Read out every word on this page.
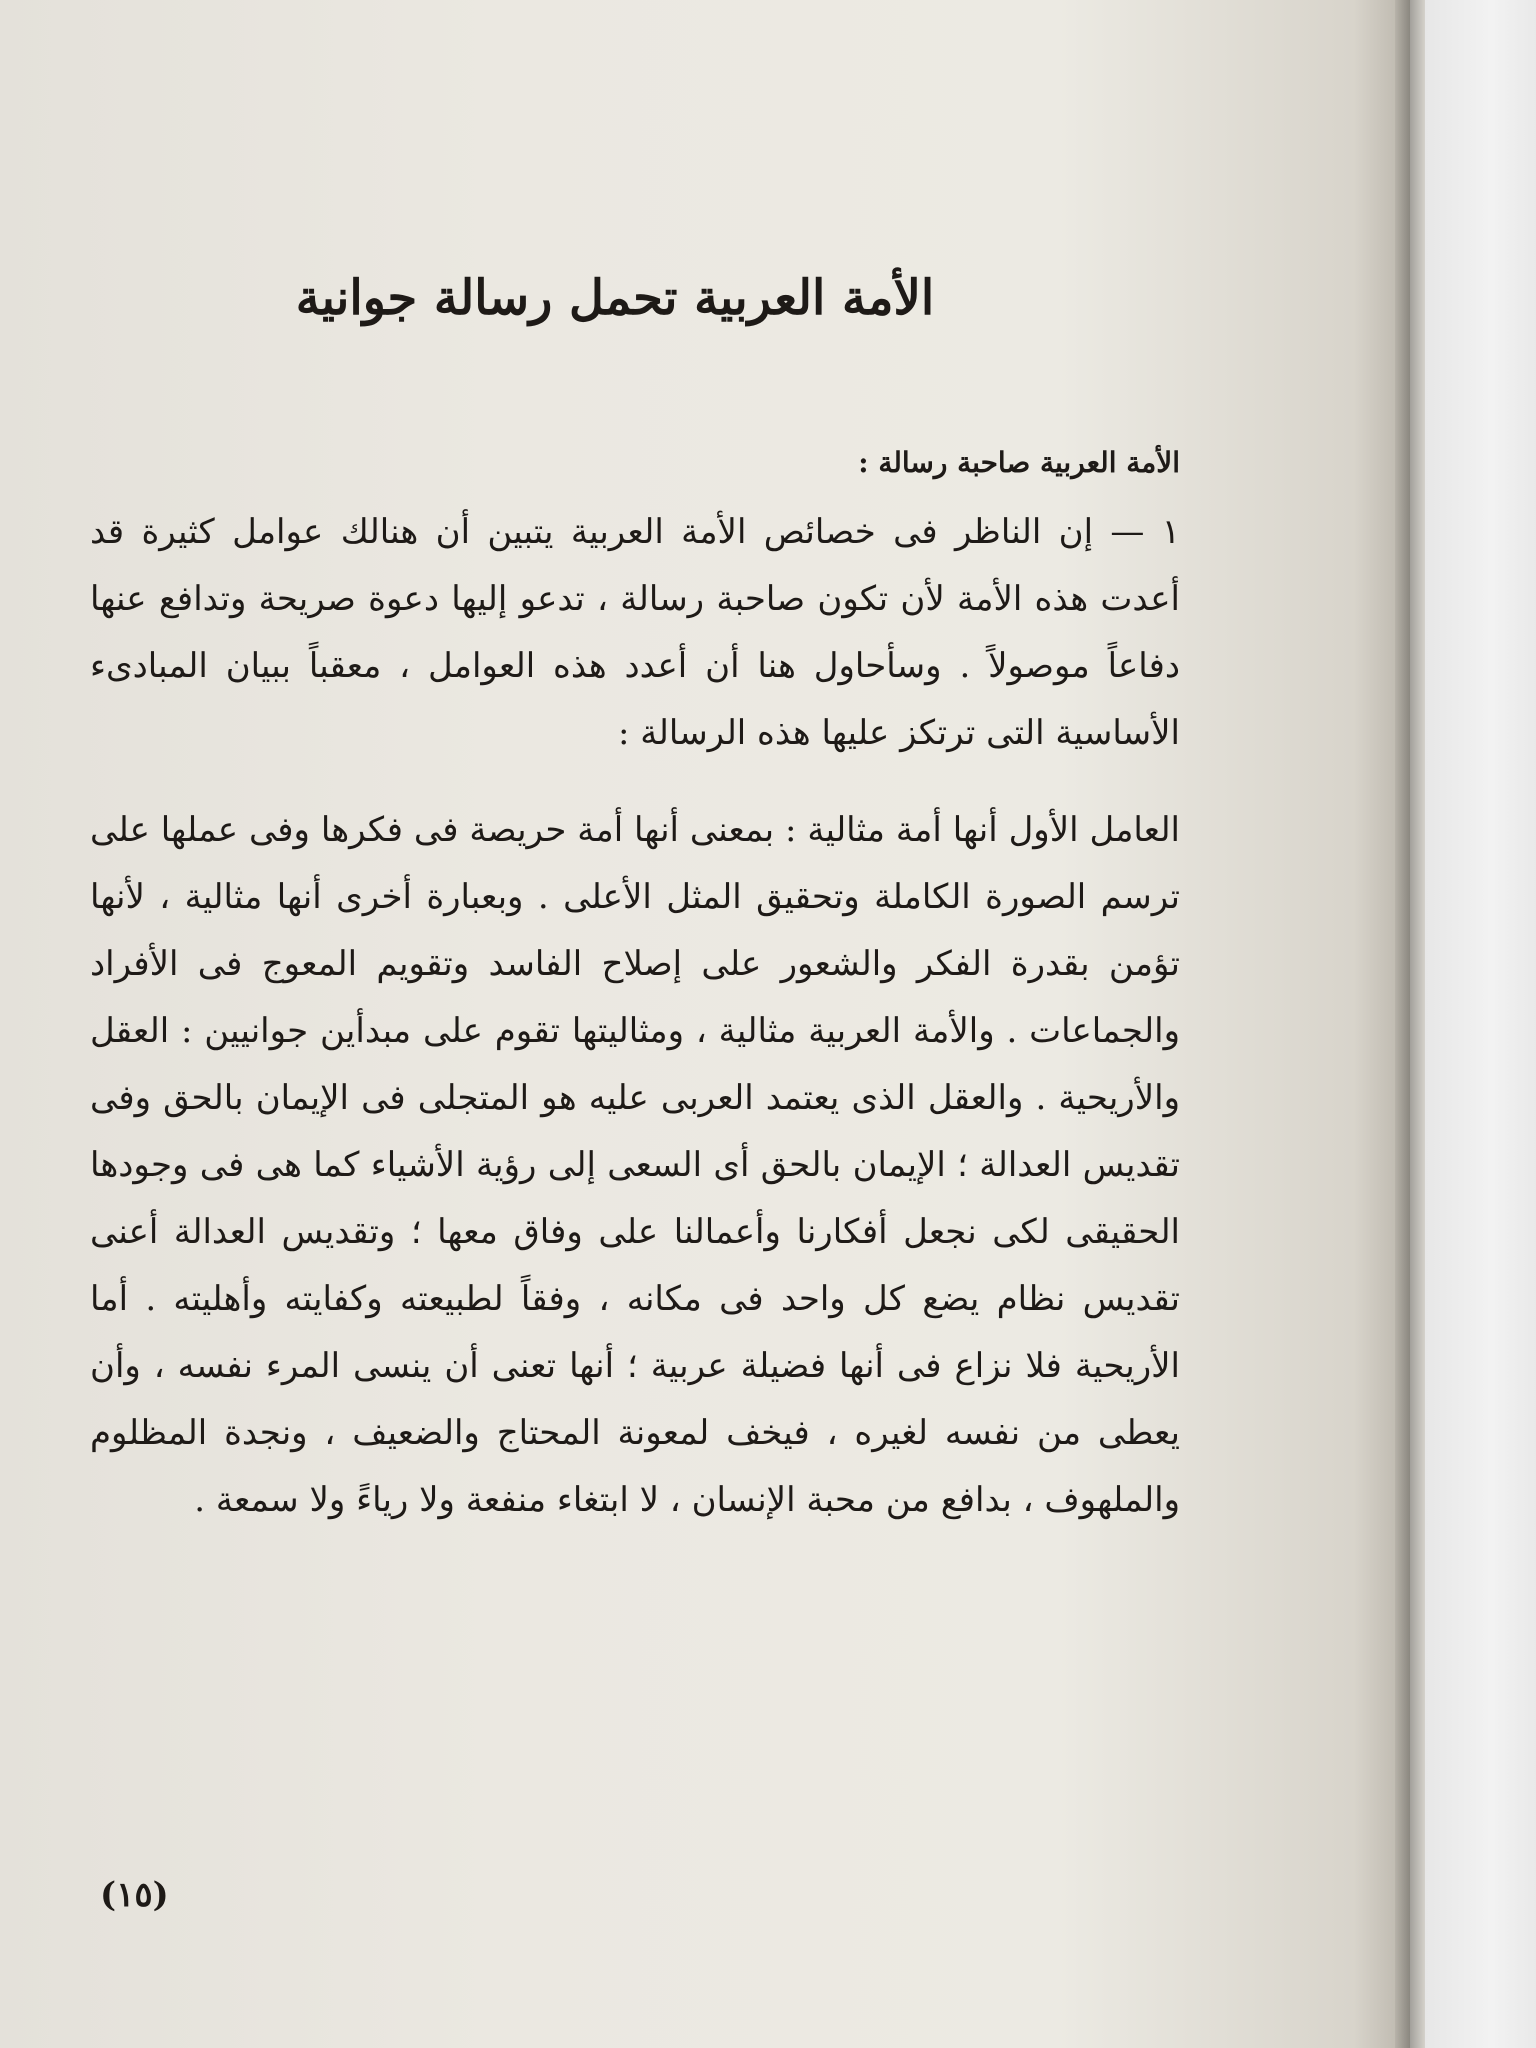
الأمة العربية تحمل رسالة جوانية
الأمة العربية صاحبة رسالة :

١ — إن الناظر فى خصائص الأمة العربية يتبين أن هنالك عوامل كثيرة قد أعدت هذه الأمة لأن تكون صاحبة رسالة ، تدعو إليها دعوة صريحة وتدافع عنها دفاعاً موصولاً . وسأحاول هنا أن أعدد هذه العوامل ، معقباً ببيان المبادىء الأساسية التى ترتكز عليها هذه الرسالة :

العامل الأول أنها أمة مثالية : بمعنى أنها أمة حريصة فى فكرها وفى عملها على ترسم الصورة الكاملة وتحقيق المثل الأعلى . وبعبارة أخرى أنها مثالية ، لأنها تؤمن بقدرة الفكر والشعور على إصلاح الفاسد وتقويم المعوج فى الأفراد والجماعات . والأمة العربية مثالية ، ومثاليتها تقوم على مبدأين جوانيين : العقل والأريحية . والعقل الذى يعتمد العربى عليه هو المتجلى فى الإيمان بالحق وفى تقديس العدالة ؛ الإيمان بالحق أى السعى إلى رؤية الأشياء كما هى فى وجودها الحقيقى لكى نجعل أفكارنا وأعمالنا على وفاق معها ؛ وتقديس العدالة أعنى تقديس نظام يضع كل واحد فى مكانه ، وفقاً لطبيعته وكفايته وأهليته . أما الأريحية فلا نزاع فى أنها فضيلة عربية ؛ أنها تعنى أن ينسى المرء نفسه ، وأن يعطى من نفسه لغيره ، فيخف لمعونة المحتاج والضعيف ، ونجدة المظلوم والملهوف ، بدافع من محبة الإنسان ، لا ابتغاء منفعة ولا رياءً ولا سمعة .

(١٥)
